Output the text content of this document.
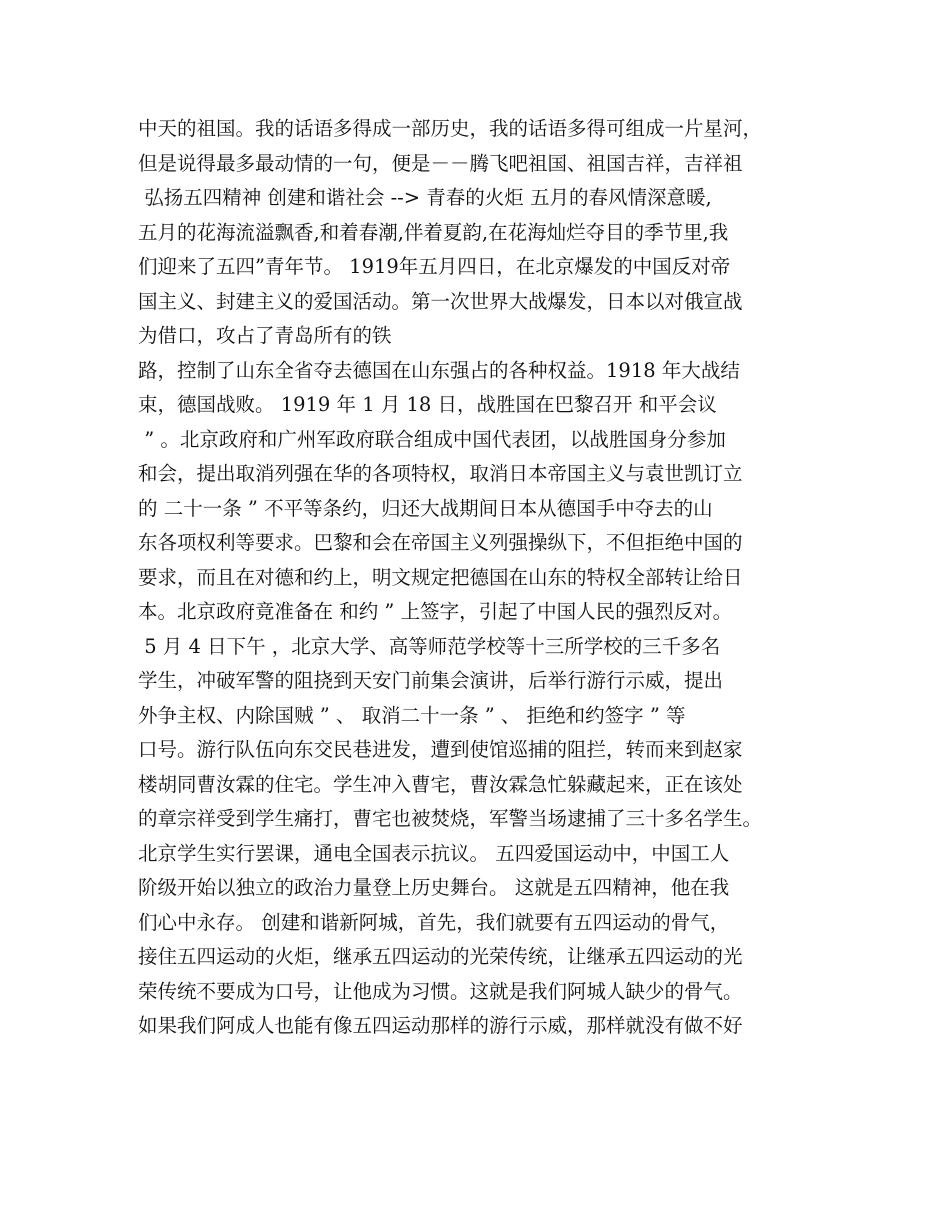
中天的祖国。我的话语多得成一部历史，我的话语多得可组成一片星河，
但是说得最多最动情的一句，便是－－腾飞吧祖国、祖国吉祥，吉祥祖
弘扬五四精神 创建和谐社会 --> 青春的火炬 五月的春风情深意暖,
五月的花海流溢飘香,和着春潮,伴着夏韵,在花海灿烂夺目的季节里,我
们迎来了五四”青年节。 1919年五月四日，在北京爆发的中国反对帝
国主义、封建主义的爱国活动。第一次世界大战爆发，日本以对俄宣战
为借口，攻占了青岛所有的铁
路，控制了山东全省夺去德国在山东强占的各种权益。1918 年大战结
束，德国战败。 1919 年 1 月 18 日，战胜国在巴黎召开 和平会议
” 。北京政府和广州军政府联合组成中国代表团，以战胜国身分参加
和会，提出取消列强在华的各项特权，取消日本帝国主义与袁世凯订立
的 二十一条 ” 不平等条约，归还大战期间日本从德国手中夺去的山
东各项权利等要求。巴黎和会在帝国主义列强操纵下，不但拒绝中国的
要求，而且在对德和约上，明文规定把德国在山东的特权全部转让给日
本。北京政府竟准备在 和约 ” 上签字，引起了中国人民的强烈反对。
5 月 4 日下午 ，北京大学、高等师范学校等十三所学校的三千多名
学生，冲破军警的阻挠到天安门前集会演讲，后举行游行示威，提出
外争主权、内除国贼 ” 、 取消二十一条 ” 、 拒绝和约签字 ” 等
口号。游行队伍向东交民巷进发，遭到使馆巡捕的阻拦，转而来到赵家
楼胡同曹汝霖的住宅。学生冲入曹宅，曹汝霖急忙躲藏起来，正在该处
的章宗祥受到学生痛打，曹宅也被焚烧，军警当场逮捕了三十多名学生。
北京学生实行罢课，通电全国表示抗议。 五四爱国运动中，中国工人
阶级开始以独立的政治力量登上历史舞台。 这就是五四精神，他在我
们心中永存。 创建和谐新阿城，首先，我们就要有五四运动的骨气，
接住五四运动的火炬，继承五四运动的光荣传统，让继承五四运动的光
荣传统不要成为口号，让他成为习惯。这就是我们阿城人缺少的骨气。
如果我们阿成人也能有像五四运动那样的游行示威，那样就没有做不好
